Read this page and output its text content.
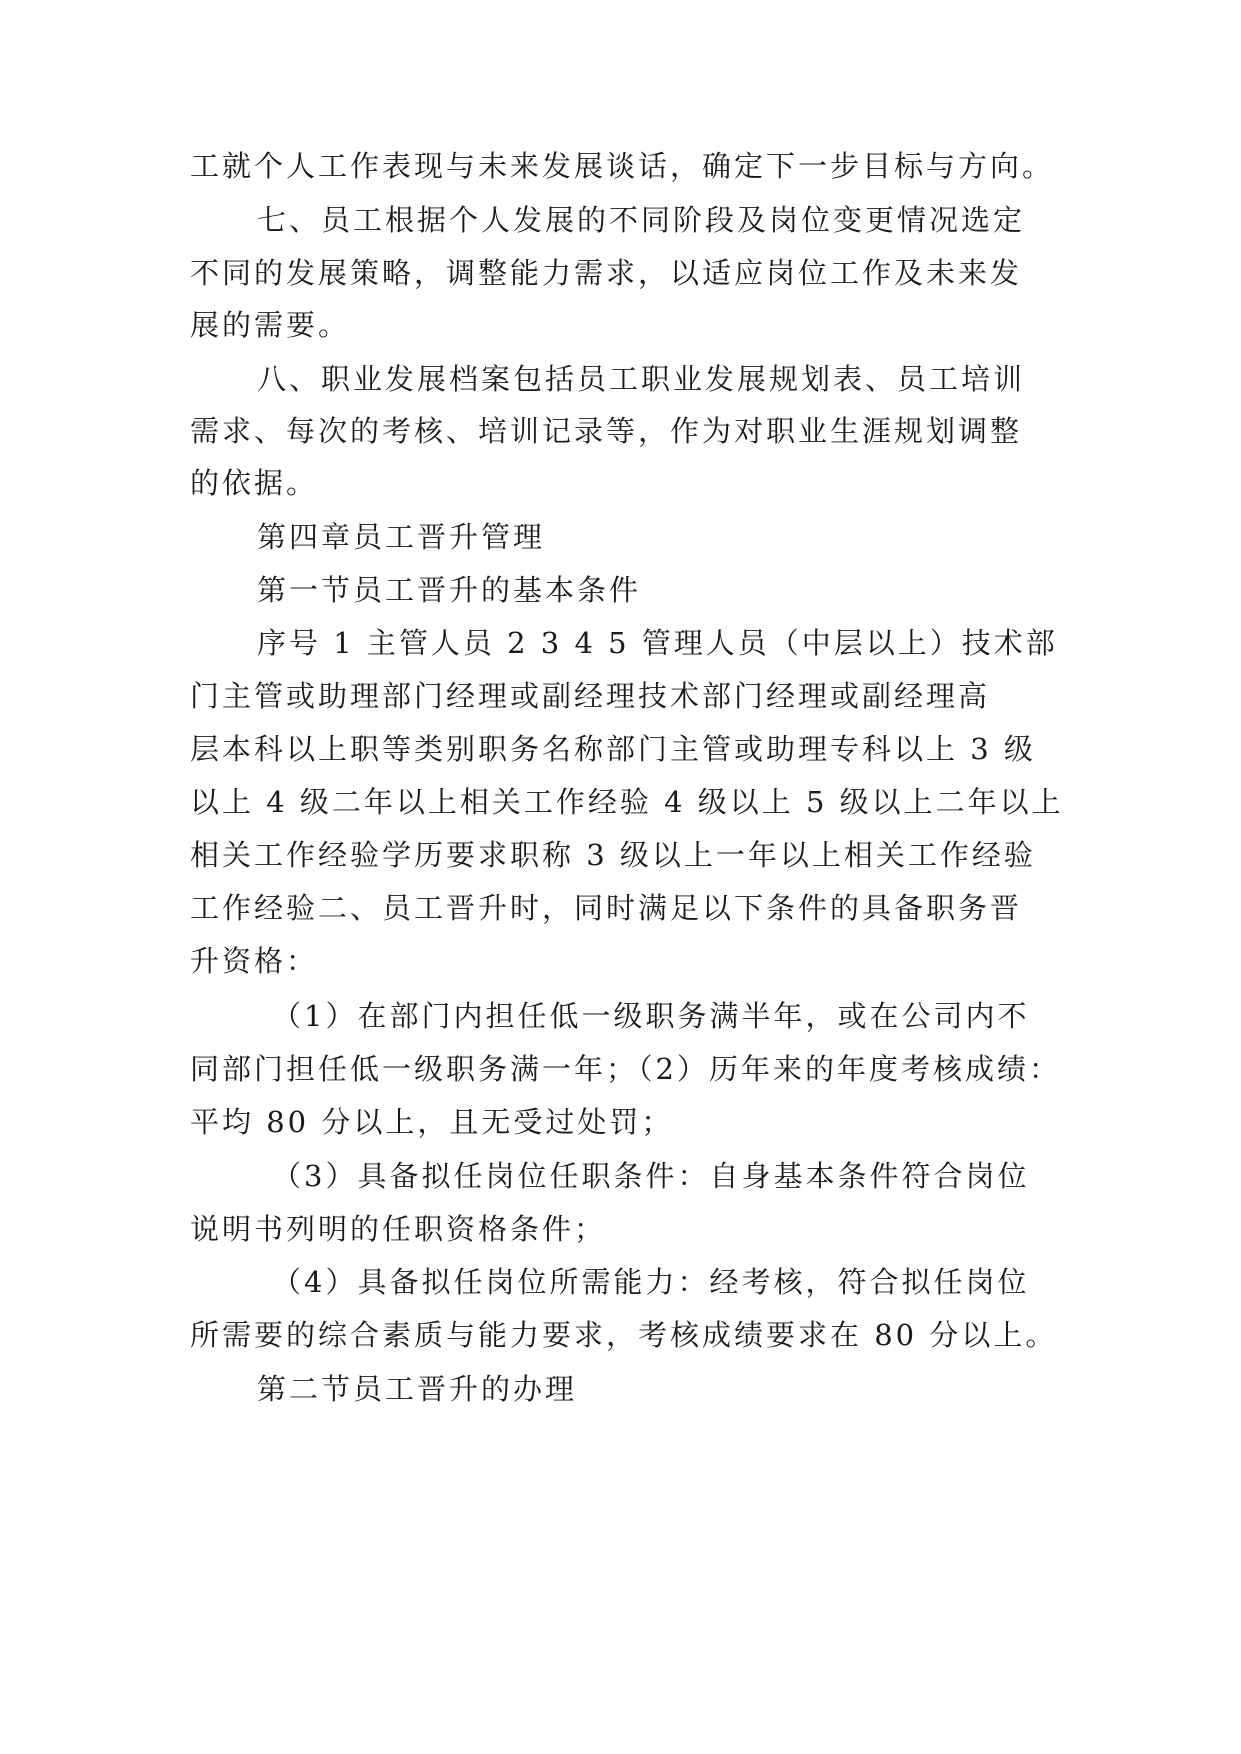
工就个人工作表现与未来发展谈话，确定下一步目标与方向。

七、员工根据个人发展的不同阶段及岗位变更情况选定

不同的发展策略，调整能力需求，以适应岗位工作及未来发

展的需要。

八、职业发展档案包括员工职业发展规划表、员工培训

需求、每次的考核、培训记录等，作为对职业生涯规划调整

的依据。

第四章员工晋升管理

第一节员工晋升的基本条件

序号 1 主管人员 2 3 4 5 管理人员（中层以上）技术部

门主管或助理部门经理或副经理技术部门经理或副经理高

层本科以上职等类别职务名称部门主管或助理专科以上 3 级

以上 4 级二年以上相关工作经验 4 级以上 5 级以上二年以上

相关工作经验学历要求职称 3 级以上一年以上相关工作经验

工作经验二、员工晋升时，同时满足以下条件的具备职务晋

升资格：

（1）在部门内担任低一级职务满半年，或在公司内不

同部门担任低一级职务满一年；（2）历年来的年度考核成绩：

平均 80 分以上，且无受过处罚；

（3）具备拟任岗位任职条件：自身基本条件符合岗位

说明书列明的任职资格条件；

（4）具备拟任岗位所需能力：经考核，符合拟任岗位

所需要的综合素质与能力要求，考核成绩要求在 80 分以上。

第二节员工晋升的办理
